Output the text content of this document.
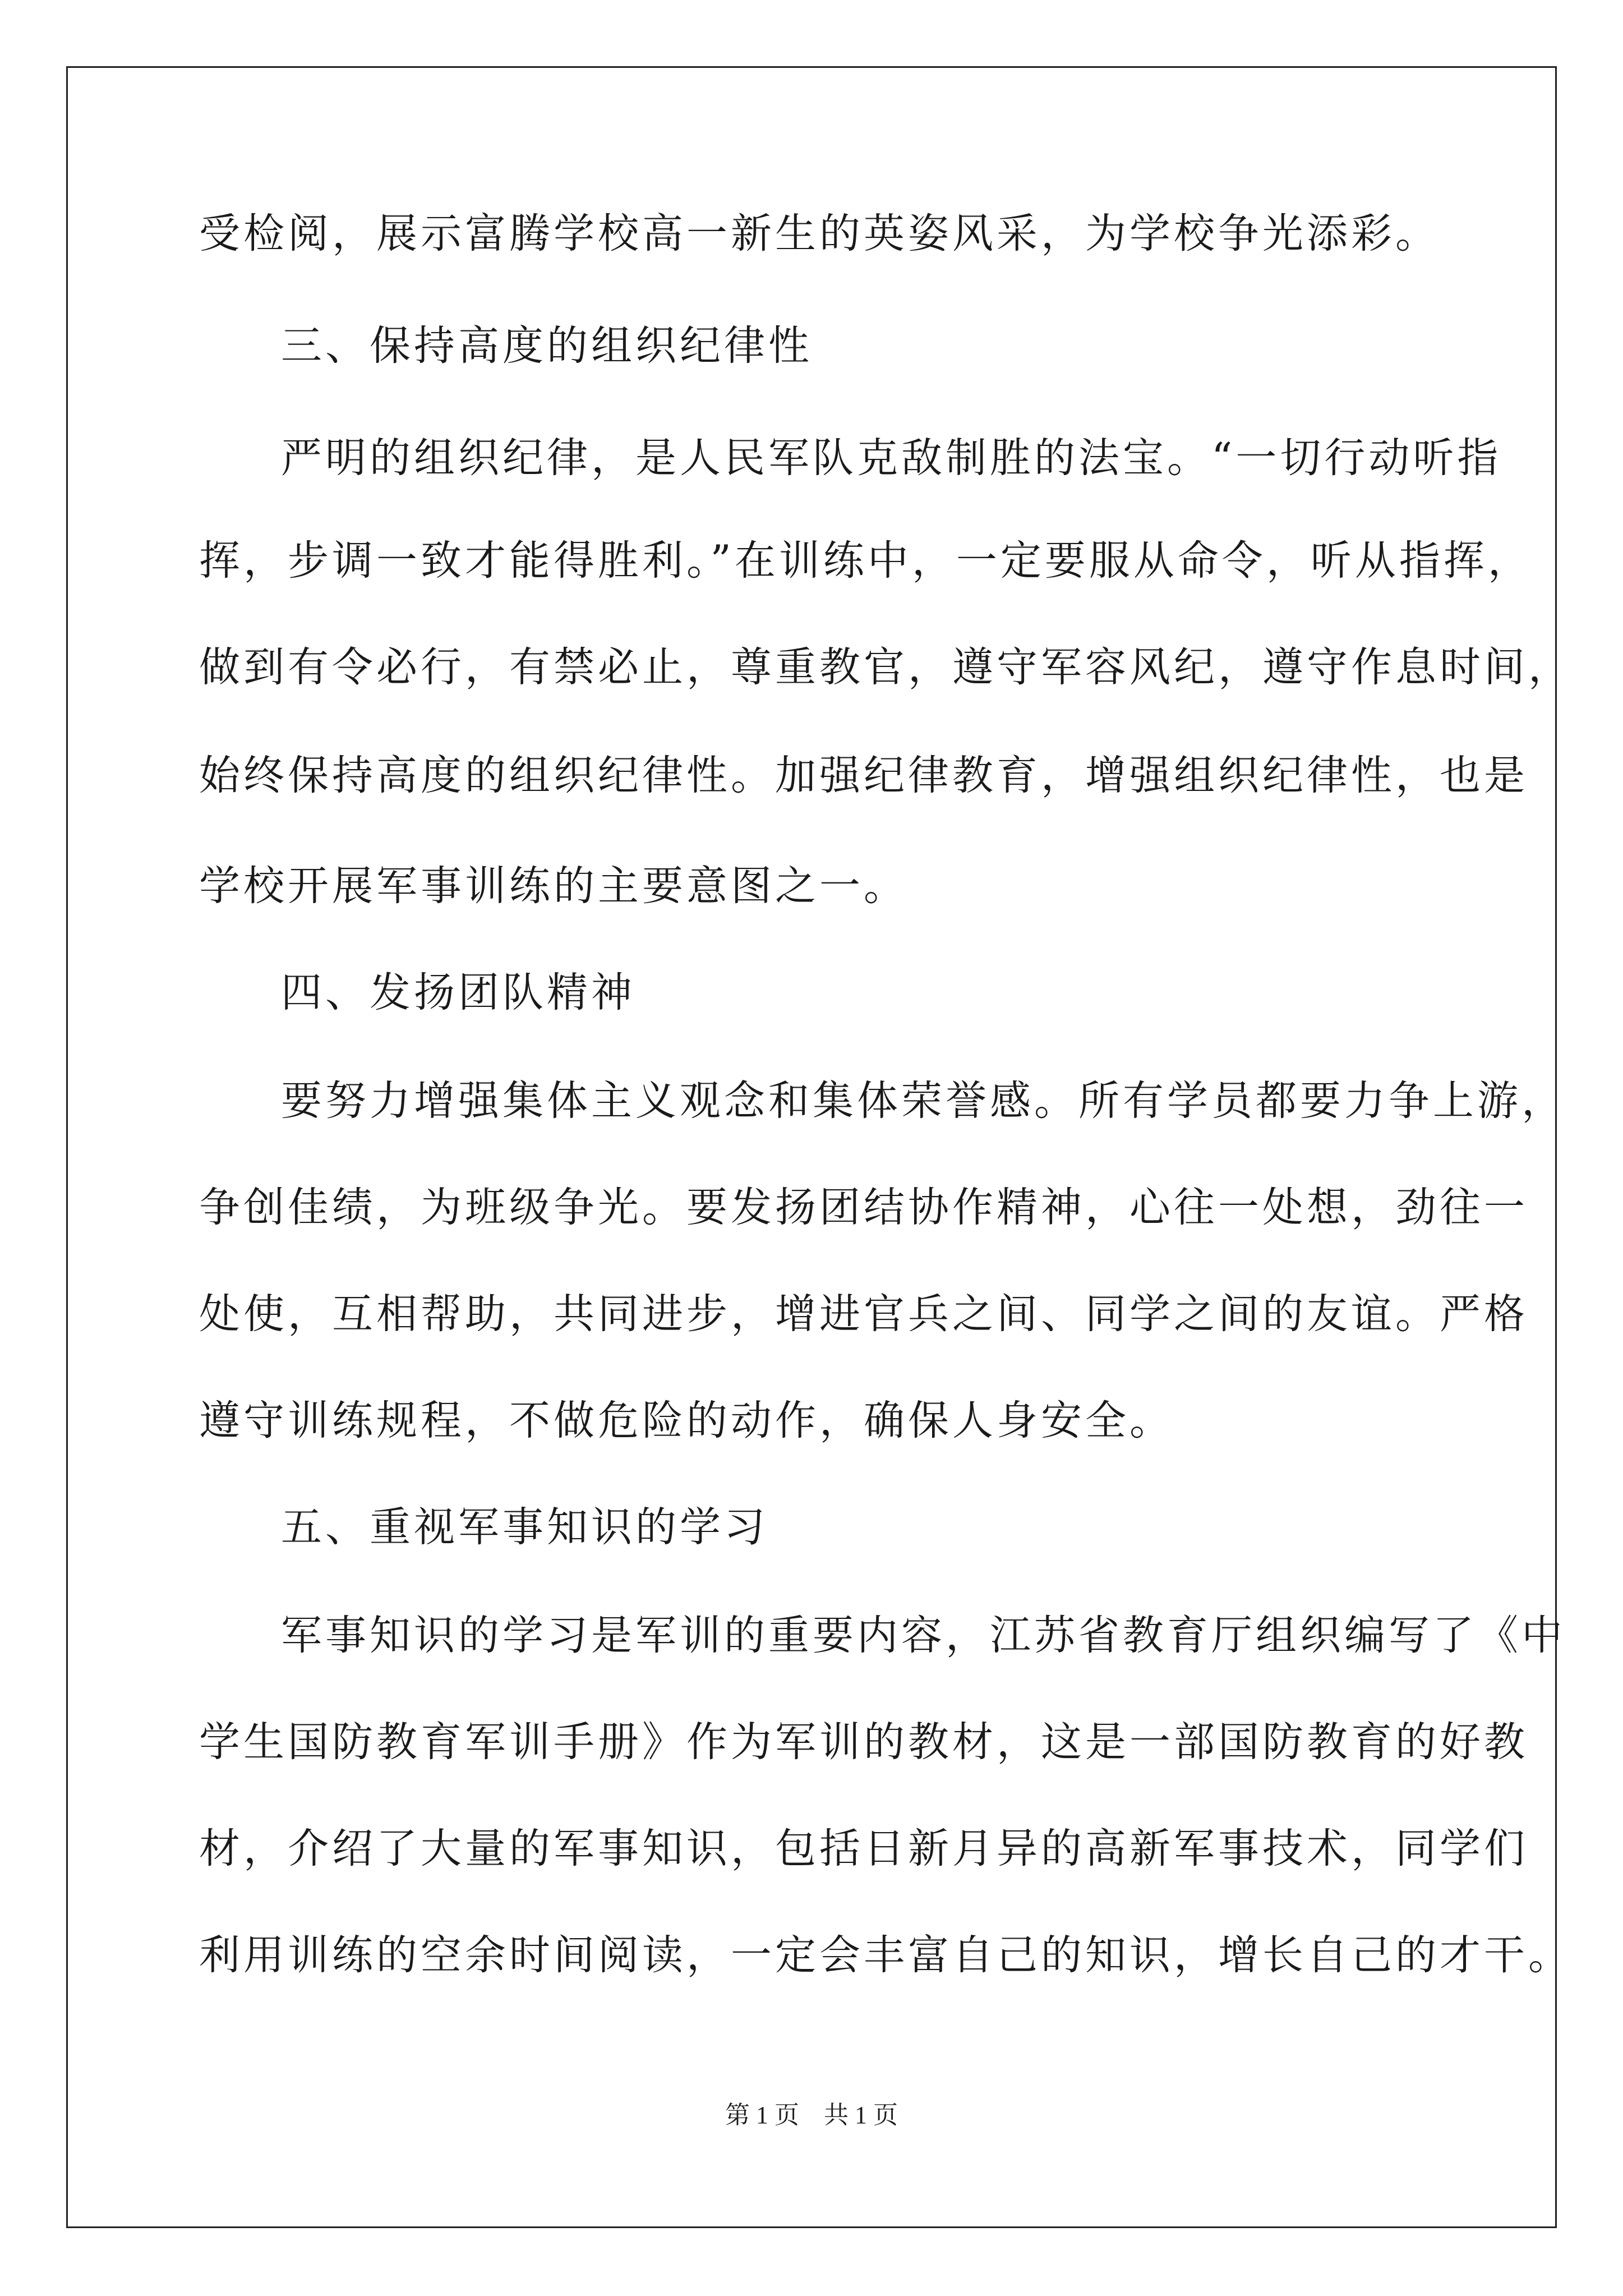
受检阅，展示富腾学校高一新生的英姿风采，为学校争光添彩。
三、保持高度的组织纪律性
严明的组织纪律，是人民军队克敌制胜的法宝。“一切行动听指
挥，步调一致才能得胜利。”在训练中，一定要服从命令，听从指挥，
做到有令必行，有禁必止，尊重教官，遵守军容风纪，遵守作息时间，
始终保持高度的组织纪律性。加强纪律教育，增强组织纪律性，也是
学校开展军事训练的主要意图之一。
四、发扬团队精神
要努力增强集体主义观念和集体荣誉感。所有学员都要力争上游，
争创佳绩，为班级争光。要发扬团结协作精神，心往一处想，劲往一
处使，互相帮助，共同进步，增进官兵之间、同学之间的友谊。严格
遵守训练规程，不做危险的动作，确保人身安全。
五、重视军事知识的学习
军事知识的学习是军训的重要内容，江苏省教育厅组织编写了《中
学生国防教育军训手册》作为军训的教材，这是一部国防教育的好教
材，介绍了大量的军事知识，包括日新月异的高新军事技术，同学们
利用训练的空余时间阅读，一定会丰富自己的知识，增长自己的才干。
第 1 页　共 1 页
